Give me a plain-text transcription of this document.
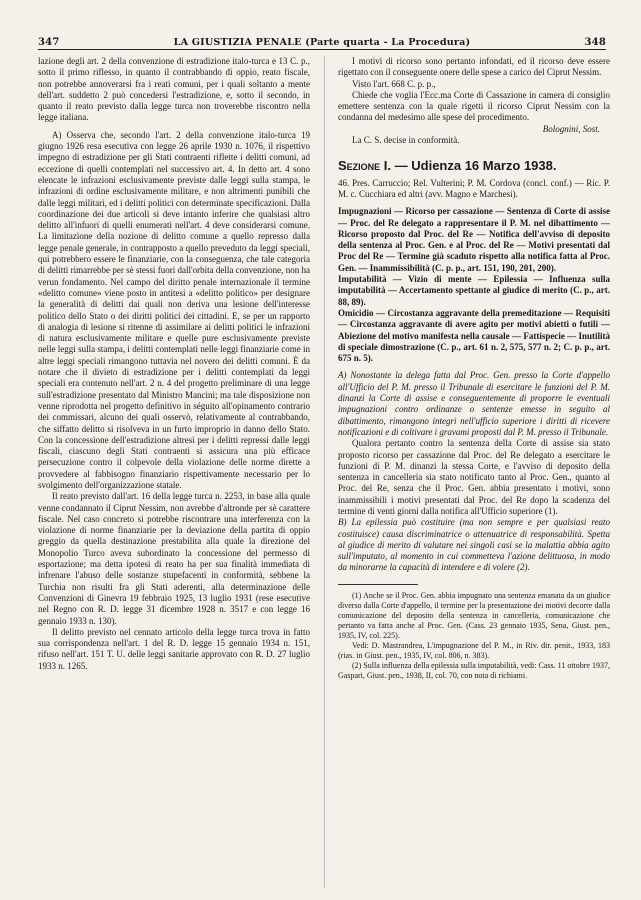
347	LA GIUSTIZIA PENALE (Parte quarta - La Procedura)	348

lazione degli art. 2 della convenzione di estradizione italo-turca e 13 C. p., sotto il primo riflesso, in quanto il contrabbando di oppio, reato fiscale, non potrebbe annoverarsi fra i reati comuni, per i quali soltanto a mente dell'art. suddetto 2 può concedersi l'estradizione, e, sotto il secondo, in quanto il reato previsto dalla legge turca non troverebbe riscontro nella legge italiana.

A) Osserva che, secondo l'art. 2 della convenzione italo-turca 19 giugno 1926 resa esecutiva con legge 26 aprile 1930 n. 1076, il rispettivo impegno di estradizione per gli Stati contraenti riflette i delitti comuni, ad eccezione di quelli contemplati nel successivo art. 4. In detto art. 4 sono elencate le infrazioni esclusivamente previste dalle leggi sulla stampa, le infrazioni di ordine esclusivamente militare, e non altrimenti punibili che dalle leggi militari, ed i delitti politici con determinate specificazioni. Dalla coordinazione dei due articoli si deve intanto inferire che qualsiasi altro delitto all'infuori di quelli enumerati nell'art. 4 deve considerarsi comune. La limitazione della nozione di delitto comune a quello represso dalla legge penale generale, in contrapposto a quello preveduto da leggi speciali, qui potrebbero essere le finanziarie, con la conseguenza, che tale categoria di delitti rimarrebbe per sè stessi fuori dall'orbita della convenzione, non ha verun fondamento. Nel campo del diritto penale internazionale il termine «delitto comune» viene posto in antitesi a «delitto politico» per designare la generalità di delitti dai quali non deriva una lesione dell'interesse politico dello Stato o dei diritti politici dei cittadini. E, se per un rapporto di analogia di lesione si ritenne di assimilare ai delitti politici le infrazioni di natura esclusivamente militare e quelle pure esclusivamente previste nelle leggi sulla stampa, i delitti contemplati nelle leggi finanziarie come in altre leggi speciali rimangono tuttavia nel novero dei delitti comuni. È da notare che il divieto di estradizione per i delitti contemplati da leggi speciali era contenuto nell'art. 2 n. 4 del progetto preliminare di una legge sull'estradizione presentato dal Ministro Mancini; ma tale disposizione non venne riprodotta nel progetto definitivo in séguito all'opinamento contrario dei commissari, alcuno dei quali osservò, relativamente al contrabbando, che siffatto delitto si risolveva in un furto improprio in danno dello Stato. Con la concessione dell'estradizione altresì per i delitti repressi dalle leggi fiscali, ciascuno degli Stati contraenti si assicura una più efficace persecuzione contro il colpevole della violazione delle norme dirette a provvedere al fabbisogno finanziario rispettivamente necessario per lo svolgimento dell'organizzazione statale.

Il reato previsto dall'art. 16 della legge turca n. 2253, in base alla quale venne condannato il Ciprut Nessim, non avrebbe d'altronde per sè carattere fiscale. Nel caso concreto si potrebbe riscontrare una interferenza con la violazione di norme finanziarie per la deviazione della partita di oppio greggio da quella destinazione prestabilita alla quale la direzione del Monopolio Turco aveva subordinato la concessione del permesso di esportazione; ma detta ipotesi di reato ha per sua finalità immediata di infrenare l'abuso delle sostanze stupefacenti in conformità, sebbene la Turchia non risulti fra gli Stati aderenti, alla determinazione delle Convenzioni di Ginevra 19 febbraio 1925, 13 luglio 1931 (rese esecutive nel Regno con R. D. legge 31 dicembre 1928 n. 3517 e con legge 16 gennaio 1933 n. 130).

Il delitto previsto nel cennato articolo della legge turca trova in fatto sua corrispondenza nell'art. 1 del R. D. legge 15 gennaio 1934 n. 151, rifuso nell'art. 151 T. U. delle leggi sanitarie approvato con R. D. 27 luglio 1933 n. 1265.

I motivi di ricorso sono pertanto infondati, ed il ricorso deve essere rigettato con il conseguente onere delle spese a carico del Ciprut Nessim.

Visto l'art. 668 C. p. p.,

Chiede che voglia l'Ecc.ma Corte di Cassazione in camera di consiglio emettere sentenza con la quale rigetti il ricorso Ciprut Nessim con la condanna del medesimo alle spese del procedimento.

Bolognini, Sost.

La C. S. decise in conformità.

Sezione I. — Udienza 16 Marzo 1938.

46. Pres. Carruccio; Rel. Vulterini; P. M. Cordova (concl. conf.) — Ric. P. M. c. Cucchiara ed altri (avv. Magno e Marchesi).

Impugnazioni — Ricorso per cassazione — Sentenza di Corte di assise — Proc. del Re delegato a rappresentare il P. M. nel dibattimento — Ricorso proposto dal Proc. del Re — Notifica dell'avviso di deposito della sentenza al Proc. Gen. e al Proc. del Re — Motivi presentati dal Proc del Re — Termine già scaduto rispetto alla notifica fatta al Proc. Gen. — Inammissibilità (C. p. p., art. 151, 190, 201, 200).

Imputabilità — Vizio di mente — Epilessia — Influenza sulla imputabilità — Accertamento spettante al giudice di merito (C. p., art. 88, 89).

Omicidio — Circostanza aggravante della premeditazione — Requisiti — Circostanza aggravante di avere agito per motivi abietti o futili — Abiezione del motivo manifesta nella causale — Fattispecie — Inutilità di speciale dimostrazione (C. p., art. 61 n. 2, 575, 577 n. 2; C. p. p., art. 675 n. 5).

A) Nonostante la delega fatta dal Proc. Gen. presso la Corte d'appello all'Ufficio del P. M. presso il Tribunale di esercitare le funzioni del P. M. dinanzi la Corte di assise e conseguentemente di proporre le eventuali impugnazioni contro ordinanze o sentenze emesse in seguito al dibattimento, rimangono integri nell'ufficio superiore i diritti di ricevere notificazioni e di coltivare i gravami proposti dal P. M. presso il Tribunale.

Qualora pertanto contro la sentenza della Corte di assise sia stato proposto ricorso per cassazione dal Proc. del Re delegato a esercitare le funzioni di P. M. dinanzi la stessa Corte, e l'avviso di deposito della sentenza in cancelleria sia stato notificato tanto al Proc. Gen., quanto al Proc. del Re, senza che il Proc. Gen. abbia presentato i motivi, sono inammissibili i motivi presentati dal Proc. del Re dopo la scadenza del termine di venti giorni dalla notifica all'Ufficio superiore (1).

B) La epilessia può costituire (ma non sempre e per qualsiasi reato costituisce) causa discriminatrice o attenuatrice di responsabilità. Spetta al giudice di merito di valutare nei singoli casi se la malattia abbia agito sull'imputato, al momento in cui commetteva l'azione delittuosa, in modo da minorarne la capacità di intendere e di volere (2).

(1) Anche se il Proc. Gen. abbia impugnato una sentenza emanata da un giudice diverso dalla Corte d'appello, il termine per la presentazione dei motivi decorre dalla comunicazione del deposito della sentenza in cancelleria, comunicazione che pertanto va fatta anche al Proc. Gen. (Cass. 23 gennaio 1935, Sena, Giust. pen., 1935, IV, col. 225).

Vedi: D. Mastrandrea, L'impugnazione del P. M., in Riv. dir. penit., 1933, 183 (rias. in Giust. pen., 1935, IV, col. 806, n. 383).

(2) Sulla influenza della epilessia sulla imputabilità, vedi: Cass. 11 ottobre 1937, Gaspari, Giust. pen., 1938, II, col. 70, con nota di richiami.
